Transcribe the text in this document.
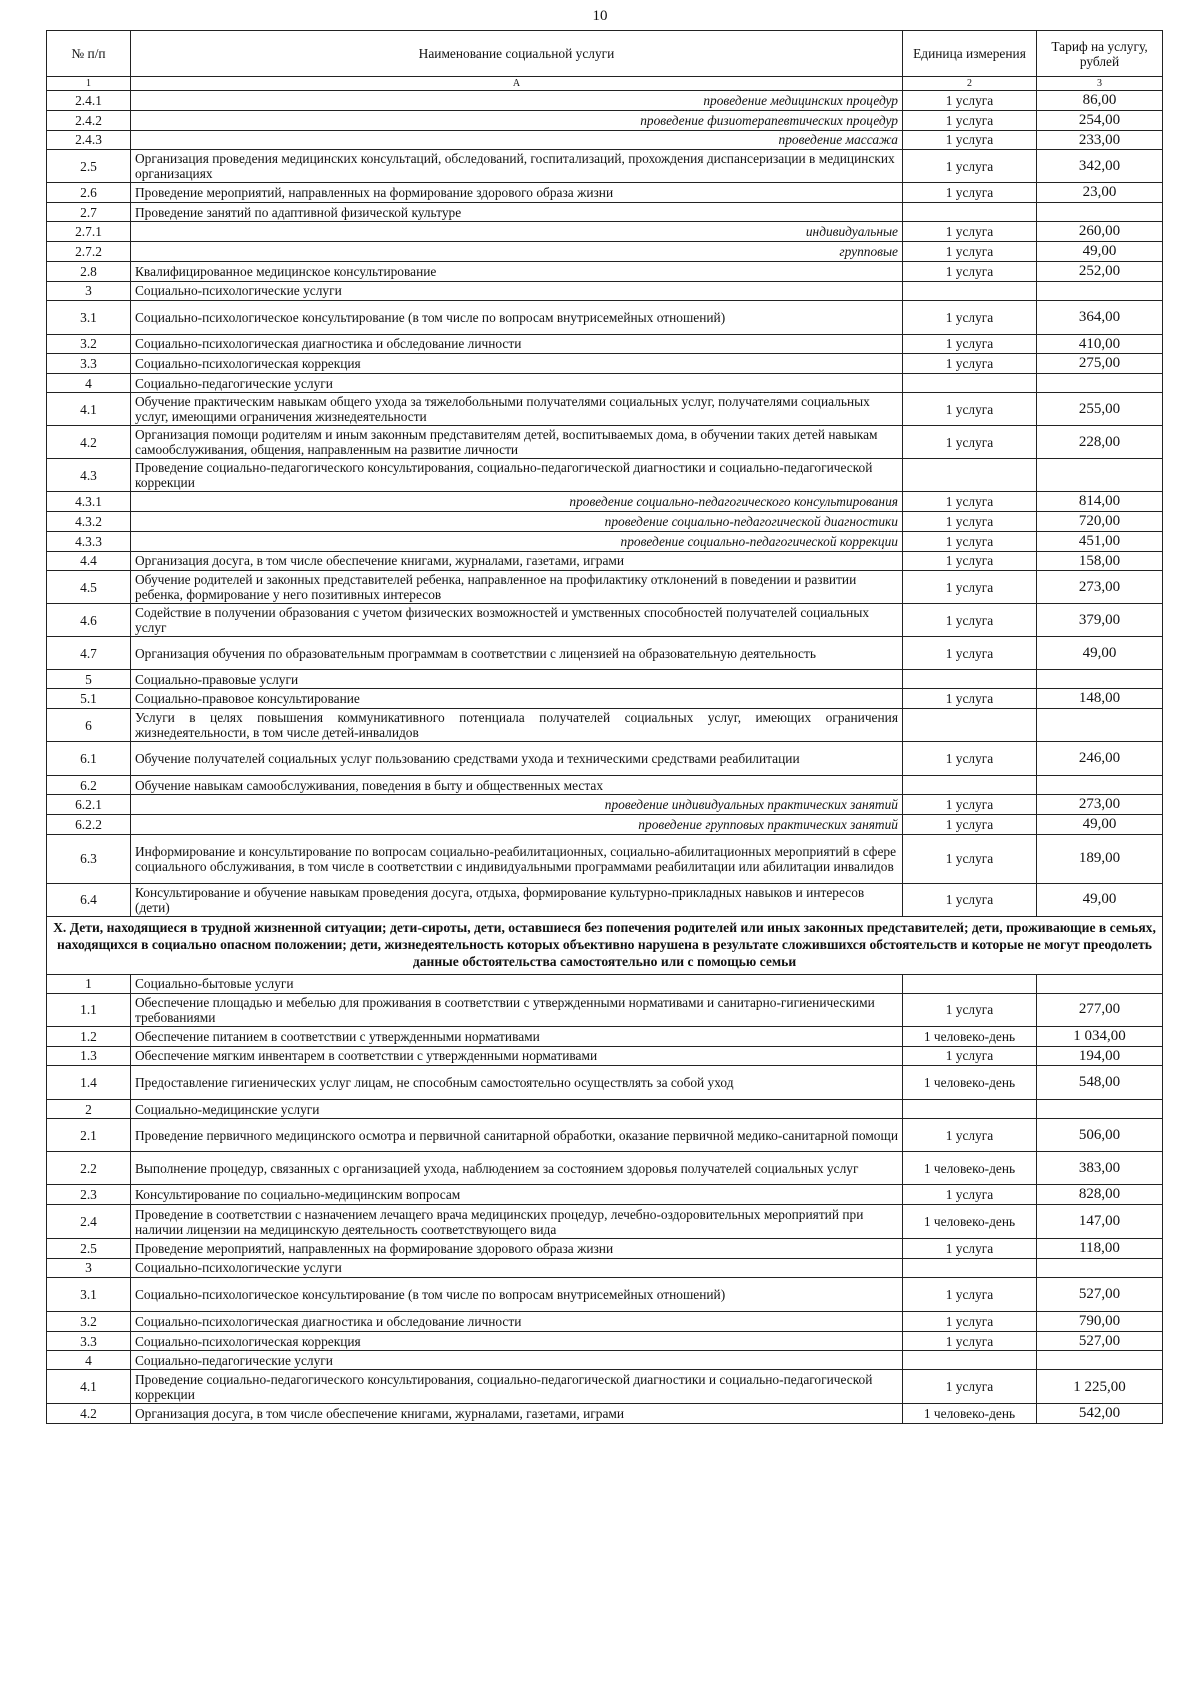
10
№ п/п	Наименование социальной услуги	Единица измерения	Тариф на услугу, рублей
1	А	2	3
2.4.1	проведение медицинских процедур	1 услуга	86,00
2.4.2	проведение физиотерапевтических процедур	1 услуга	254,00
2.4.3	проведение массажа	1 услуга	233,00
2.5	Организация проведения медицинских консультаций, обследований, госпитализаций, прохождения диспансеризации в медицинских организациях	1 услуга	342,00
2.6	Проведение мероприятий, направленных на формирование здорового образа жизни	1 услуга	23,00
2.7	Проведение занятий по адаптивной физической культуре		
2.7.1	индивидуальные	1 услуга	260,00
2.7.2	групповые	1 услуга	49,00
2.8	Квалифицированное медицинское консультирование	1 услуга	252,00
3	Социально-психологические услуги		
3.1	Социально-психологическое консультирование (в том числе по вопросам внутрисемейных отношений)	1 услуга	364,00
3.2	Социально-психологическая диагностика и обследование личности	1 услуга	410,00
3.3	Социально-психологическая коррекция	1 услуга	275,00
4	Социально-педагогические услуги		
4.1	Обучение практическим навыкам общего ухода за тяжелобольными получателями социальных услуг, получателями социальных услуг, имеющими ограничения жизнедеятельности	1 услуга	255,00
4.2	Организация помощи родителям и иным законным представителям детей, воспитываемых дома, в обучении таких детей навыкам самообслуживания, общения, направленным на развитие личности	1 услуга	228,00
4.3	Проведение социально-педагогического консультирования, социально-педагогической диагностики и социально-педагогической коррекции		
4.3.1	проведение социально-педагогического консультирования	1 услуга	814,00
4.3.2	проведение социально-педагогической диагностики	1 услуга	720,00
4.3.3	проведение социально-педагогической коррекции	1 услуга	451,00
4.4	Организация досуга, в том числе обеспечение книгами, журналами, газетами, играми	1 услуга	158,00
4.5	Обучение родителей и законных представителей ребенка, направленное на профилактику отклонений в поведении и развитии ребенка, формирование у него позитивных интересов	1 услуга	273,00
4.6	Содействие в получении образования с учетом физических возможностей и умственных способностей получателей социальных услуг	1 услуга	379,00
4.7	Организация обучения по образовательным программам в соответствии с лицензией на образовательную деятельность	1 услуга	49,00
5	Социально-правовые услуги		
5.1	Социально-правовое консультирование	1 услуга	148,00
6	Услуги в целях повышения коммуникативного потенциала получателей социальных услуг, имеющих ограничения жизнедеятельности, в том числе детей-инвалидов		
6.1	Обучение получателей социальных услуг пользованию средствами ухода и техническими средствами реабилитации	1 услуга	246,00
6.2	Обучение навыкам самообслуживания, поведения в быту и общественных местах		
6.2.1	проведение индивидуальных практических занятий	1 услуга	273,00
6.2.2	проведение групповых практических занятий	1 услуга	49,00
6.3	Информирование и консультирование по вопросам социально-реабилитационных, социально-абилитационных мероприятий в сфере социального обслуживания, в том числе в соответствии с индивидуальными программами реабилитации или абилитации инвалидов	1 услуга	189,00
6.4	Консультирование и обучение навыкам проведения досуга, отдыха, формирование культурно-прикладных навыков и интересов (дети)	1 услуга	49,00
X. Дети, находящиеся в трудной жизненной ситуации; дети-сироты, дети, оставшиеся без попечения родителей или иных законных представителей; дети, проживающие в семьях, находящихся в социально опасном положении; дети, жизнедеятельность которых объективно нарушена в результате сложившихся обстоятельств и которые не могут преодолеть данные обстоятельства самостоятельно или с помощью семьи			
1	Социально-бытовые услуги		
1.1	Обеспечение площадью и мебелью для проживания в соответствии с утвержденными нормативами и санитарно-гигиеническими требованиями	1 услуга	277,00
1.2	Обеспечение питанием в соответствии с утвержденными нормативами	1 человеко-день	1 034,00
1.3	Обеспечение мягким инвентарем в соответствии с утвержденными нормативами	1 услуга	194,00
1.4	Предоставление гигиенических услуг лицам, не способным самостоятельно осуществлять за собой уход	1 человеко-день	548,00
2	Социально-медицинские услуги		
2.1	Проведение первичного медицинского осмотра и первичной санитарной обработки, оказание первичной медико-санитарной помощи	1 услуга	506,00
2.2	Выполнение процедур, связанных с организацией ухода, наблюдением за состоянием здоровья получателей социальных услуг	1 человеко-день	383,00
2.3	Консультирование по социально-медицинским вопросам	1 услуга	828,00
2.4	Проведение в соответствии с назначением лечащего врача медицинских процедур, лечебно-оздоровительных мероприятий при наличии лицензии на медицинскую деятельность соответствующего вида	1 человеко-день	147,00
2.5	Проведение мероприятий, направленных на формирование здорового образа жизни	1 услуга	118,00
3	Социально-психологические услуги		
3.1	Социально-психологическое консультирование (в том числе по вопросам внутрисемейных отношений)	1 услуга	527,00
3.2	Социально-психологическая диагностика и обследование личности	1 услуга	790,00
3.3	Социально-психологическая коррекция	1 услуга	527,00
4	Социально-педагогические услуги		
4.1	Проведение социально-педагогического консультирования, социально-педагогической диагностики и социально-педагогической коррекции	1 услуга	1 225,00
4.2	Организация досуга, в том числе обеспечение книгами, журналами, газетами, играми	1 человеко-день	542,00
